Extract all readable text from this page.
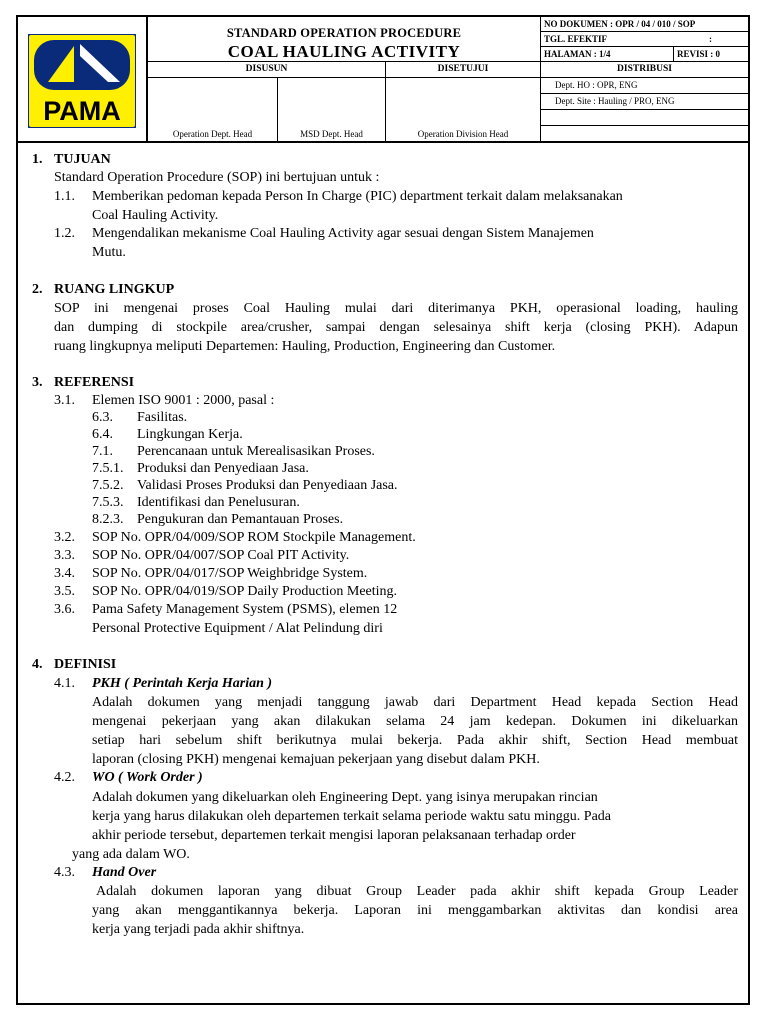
PAMA
STANDARD OPERATION PROCEDURE
COAL HAULING ACTIVITY
NO DOKUMEN : OPR / 04 / 010 / SOP
TGL. EFEKTIF	:
HALAMAN : 1/4	REVISI : 0
DISUSUN	DISETUJUI
Operation Dept. Head	MSD Dept. Head	Operation Division Head
DISTRIBUSI
Dept. HO : OPR, ENG
Dept. Site : Hauling / PRO, ENG
1. TUJUAN
Standard Operation Procedure (SOP) ini bertujuan untuk :
1.1. Memberikan pedoman kepada Person In Charge (PIC) department terkait dalam melaksanakan
Coal Hauling Activity.
1.2. Mengendalikan mekanisme Coal Hauling Activity agar sesuai dengan Sistem Manajemen
Mutu.
2. RUANG LINGKUP
SOP ini mengenai proses Coal Hauling mulai dari diterimanya PKH, operasional loading, hauling
dan dumping di stockpile area/crusher, sampai dengan selesainya shift kerja (closing PKH). Adapun
ruang lingkupnya meliputi Departemen: Hauling, Production, Engineering dan Customer.
3. REFERENSI
3.1. Elemen ISO 9001 : 2000, pasal :
6.3. Fasilitas.
6.4. Lingkungan Kerja.
7.1. Perencanaan untuk Merealisasikan Proses.
7.5.1. Produksi dan Penyediaan Jasa.
7.5.2. Validasi Proses Produksi dan Penyediaan Jasa.
7.5.3. Identifikasi dan Penelusuran.
8.2.3. Pengukuran dan Pemantauan Proses.
3.2. SOP No. OPR/04/009/SOP ROM Stockpile Management.
3.3. SOP No. OPR/04/007/SOP Coal PIT Activity.
3.4. SOP No. OPR/04/017/SOP Weighbridge System.
3.5. SOP No. OPR/04/019/SOP Daily Production Meeting.
3.6. Pama Safety Management System (PSMS), elemen 12
Personal Protective Equipment / Alat Pelindung diri
4. DEFINISI
4.1. PKH ( Perintah Kerja Harian )
Adalah dokumen yang menjadi tanggung jawab dari Department Head kepada Section Head
mengenai pekerjaan yang akan dilakukan selama 24 jam kedepan. Dokumen ini dikeluarkan
setiap hari sebelum shift berikutnya mulai bekerja. Pada akhir shift, Section Head membuat
laporan (closing PKH) mengenai kemajuan pekerjaan yang disebut dalam PKH.
4.2. WO ( Work Order )
Adalah dokumen yang dikeluarkan oleh Engineering Dept. yang isinya merupakan rincian
kerja yang harus dilakukan oleh departemen terkait selama periode waktu satu minggu. Pada
akhir periode tersebut, departemen terkait mengisi laporan pelaksanaan terhadap order
yang ada dalam WO.
4.3. Hand Over
Adalah dokumen laporan yang dibuat Group Leader pada akhir shift kepada Group Leader
yang akan menggantikannya bekerja. Laporan ini menggambarkan aktivitas dan kondisi area
kerja yang terjadi pada akhir shiftnya.
